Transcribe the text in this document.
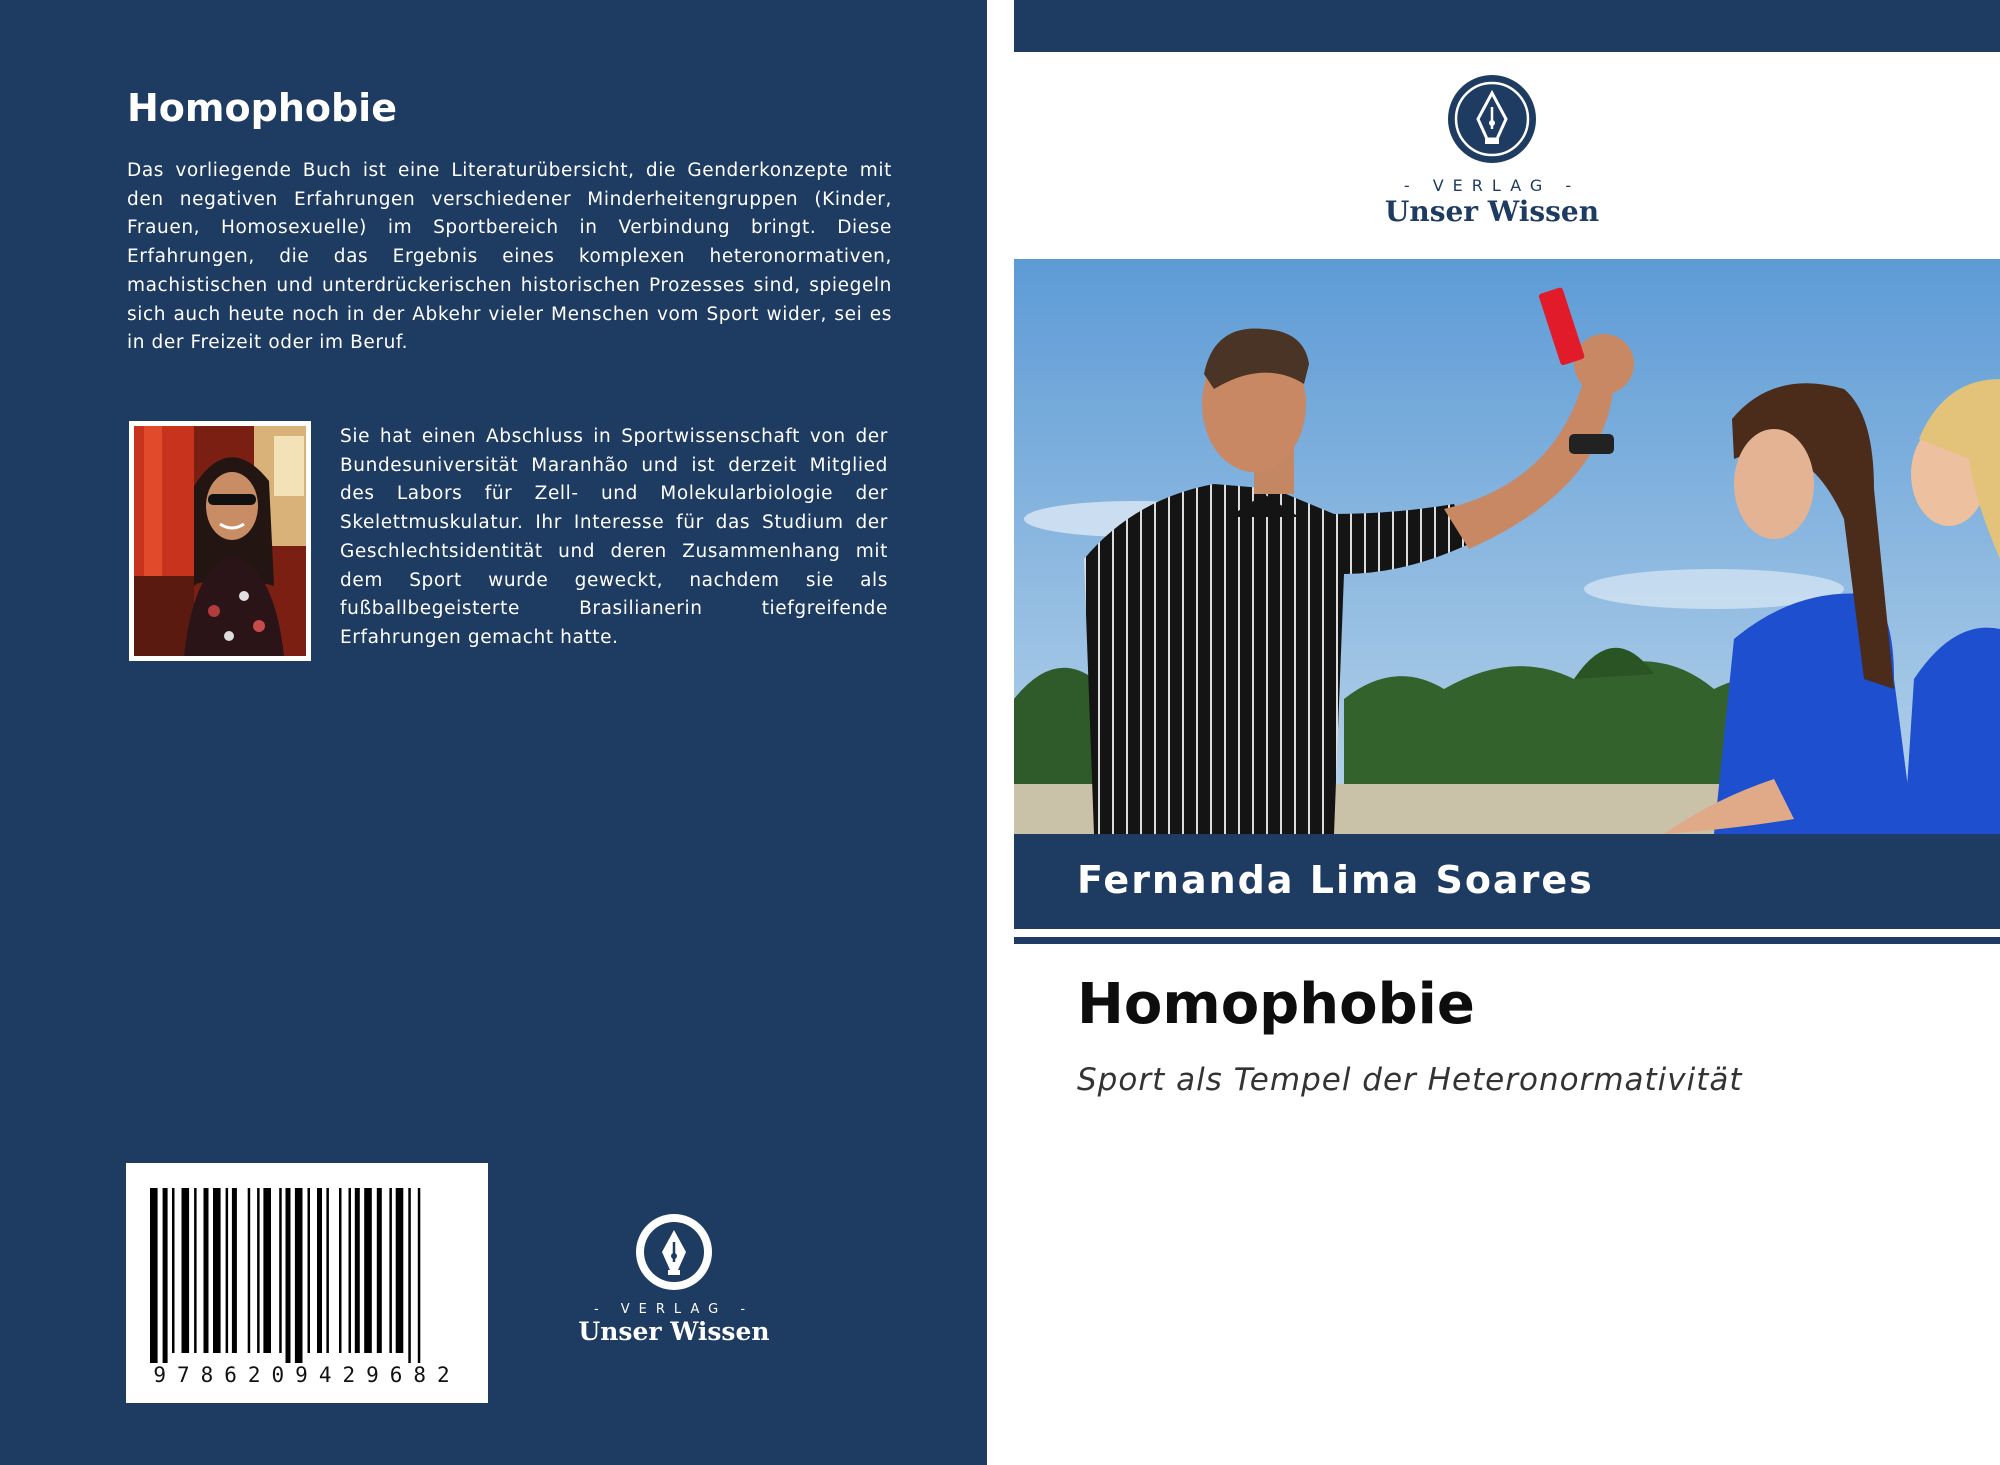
Homophobie

Das vorliegende Buch ist eine Literaturübersicht, die Genderkonzepte mit den negativen Erfahrungen verschiedener Minderheitengruppen (Kinder, Frauen, Homosexuelle) im Sportbereich in Verbindung bringt. Diese Erfahrungen, die das Ergebnis eines komplexen heteronormativen, machistischen und unterdrückerischen historischen Prozesses sind, spiegeln sich auch heute noch in der Abkehr vieler Menschen vom Sport wider, sei es in der Freizeit oder im Beruf.

Sie hat einen Abschluss in Sportwissenschaft von der Bundesuniversität Maranhão und ist derzeit Mitglied des Labors für Zell- und Molekularbiologie der Skelettmuskulatur. Ihr Interesse für das Studium der Geschlechtsidentität und deren Zusammenhang mit dem Sport wurde geweckt, nachdem sie als fußballbegeisterte Brasilianerin tiefgreifende Erfahrungen gemacht hatte.

9786209429682
- VERLAG -
Unser Wissen
- VERLAG -
Unser Wissen
Fernanda Lima Soares
Homophobie
Sport als Tempel der Heteronormativität
